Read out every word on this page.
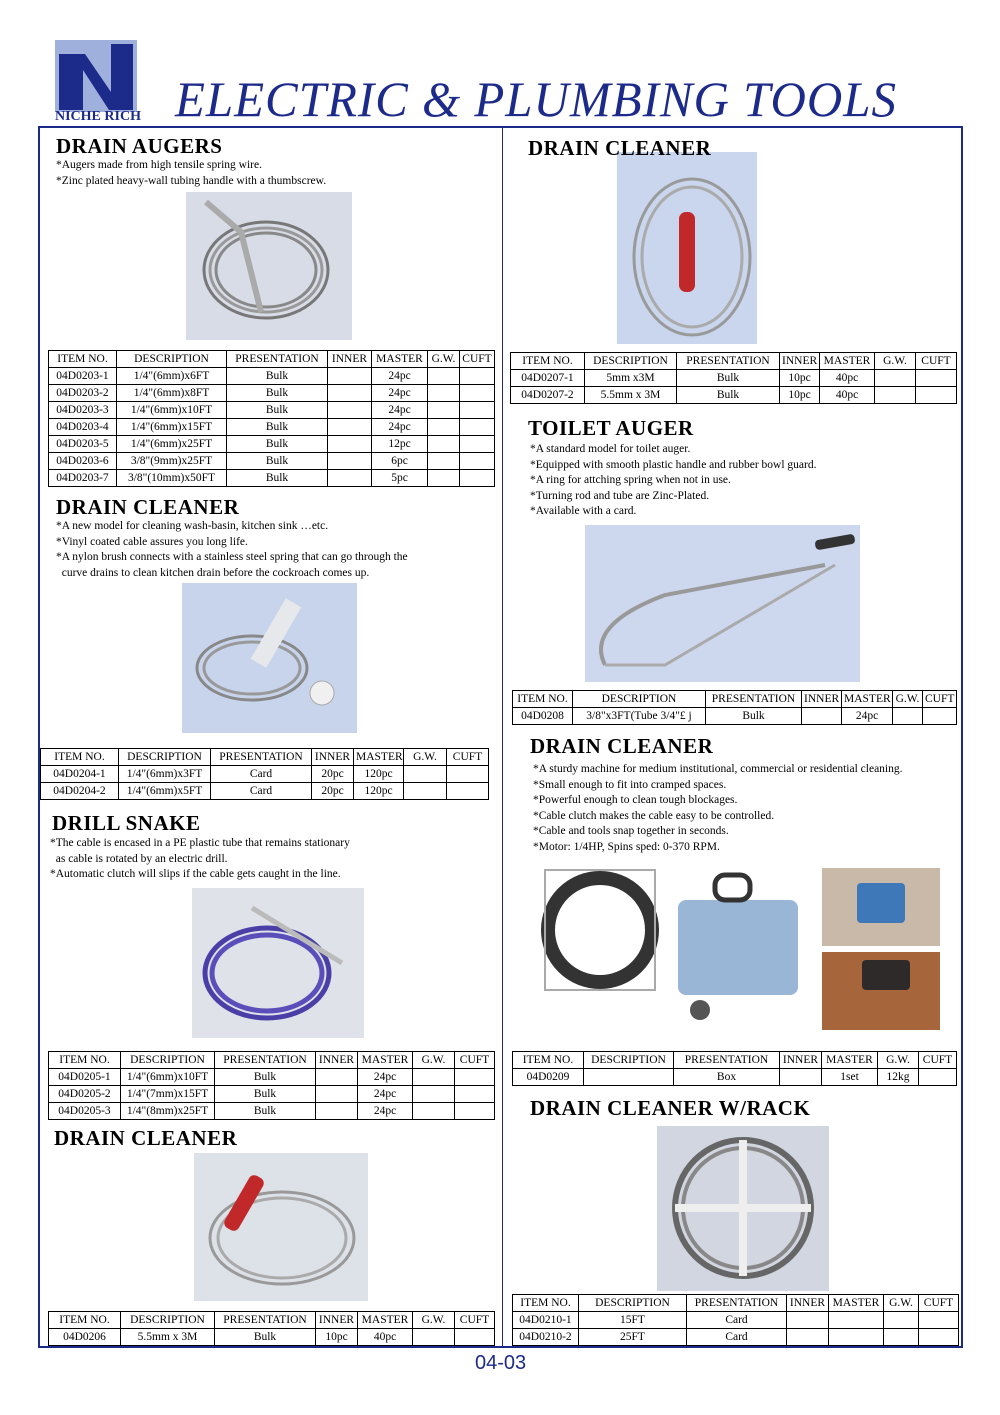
NICHE RICH ELECTRIC & PLUMBING TOOLS
DRAIN AUGERS
*Augers made from high tensile spring wire.
*Zinc plated heavy-wall tubing handle with a thumbscrew.
ITEM NO.	DESCRIPTION	PRESENTATION	INNER	MASTER	G.W.	CUFT
04D0203-1	1/4"(6mm)x6FT	Bulk		24pc		
04D0203-2	1/4"(6mm)x8FT	Bulk		24pc		
04D0203-3	1/4"(6mm)x10FT	Bulk		24pc		
04D0203-4	1/4"(6mm)x15FT	Bulk		24pc		
04D0203-5	1/4"(6mm)x25FT	Bulk		12pc		
04D0203-6	3/8"(9mm)x25FT	Bulk		6pc		
04D0203-7	3/8"(10mm)x50FT	Bulk		5pc		
DRAIN CLEANER
*A new model for cleaning wash-basin, kitchen sink …etc.
*Vinyl coated cable assures you long life.
*A nylon brush connects with a stainless steel spring that can go through the
curve drains to clean kitchen drain before the cockroach comes up.
ITEM NO.	DESCRIPTION	PRESENTATION	INNER	MASTER	G.W.	CUFT
04D0204-1	1/4"(6mm)x3FT	Card	20pc	120pc		
04D0204-2	1/4"(6mm)x5FT	Card	20pc	120pc		
DRILL SNAKE
*The cable is encased in a PE plastic tube that remains stationary
as cable is rotated by an electric drill.
*Automatic clutch will slips if the cable gets caught in the line.
ITEM NO.	DESCRIPTION	PRESENTATION	INNER	MASTER	G.W.	CUFT
04D0205-1	1/4"(6mm)x10FT	Bulk		24pc		
04D0205-2	1/4"(7mm)x15FT	Bulk		24pc		
04D0205-3	1/4"(8mm)x25FT	Bulk		24pc		
DRAIN CLEANER
ITEM NO.	DESCRIPTION	PRESENTATION	INNER	MASTER	G.W.	CUFT
04D0206	5.5mm x 3M	Bulk	10pc	40pc		
DRAIN CLEANER
ITEM NO.	DESCRIPTION	PRESENTATION	INNER	MASTER	G.W.	CUFT
04D0207-1	5mm x3M	Bulk	10pc	40pc		
04D0207-2	5.5mm x 3M	Bulk	10pc	40pc		
TOILET AUGER
*A standard model for toilet auger.
*Equipped with smooth plastic handle and rubber bowl guard.
*A ring for attching spring when not in use.
*Turning rod and tube are Zinc-Plated.
*Available with a card.
ITEM NO.	DESCRIPTION	PRESENTATION	INNER	MASTER	G.W.	CUFT
04D0208	3/8"x3FT(Tube 3/4"£ j	Bulk		24pc		
DRAIN CLEANER
*A sturdy machine for medium institutional, commercial or residential cleaning.
*Small enough to fit into cramped spaces.
*Powerful enough to clean tough blockages.
*Cable clutch makes the cable easy to be controlled.
*Cable and tools snap together in seconds.
*Motor: 1/4HP, Spins sped: 0-370 RPM.
ITEM NO.	DESCRIPTION	PRESENTATION	INNER	MASTER	G.W.	CUFT
04D0209		Box		1set	12kg	
DRAIN CLEANER W/RACK
ITEM NO.	DESCRIPTION	PRESENTATION	INNER	MASTER	G.W.	CUFT
04D0210-1	15FT	Card				
04D0210-2	25FT	Card				
04-03
